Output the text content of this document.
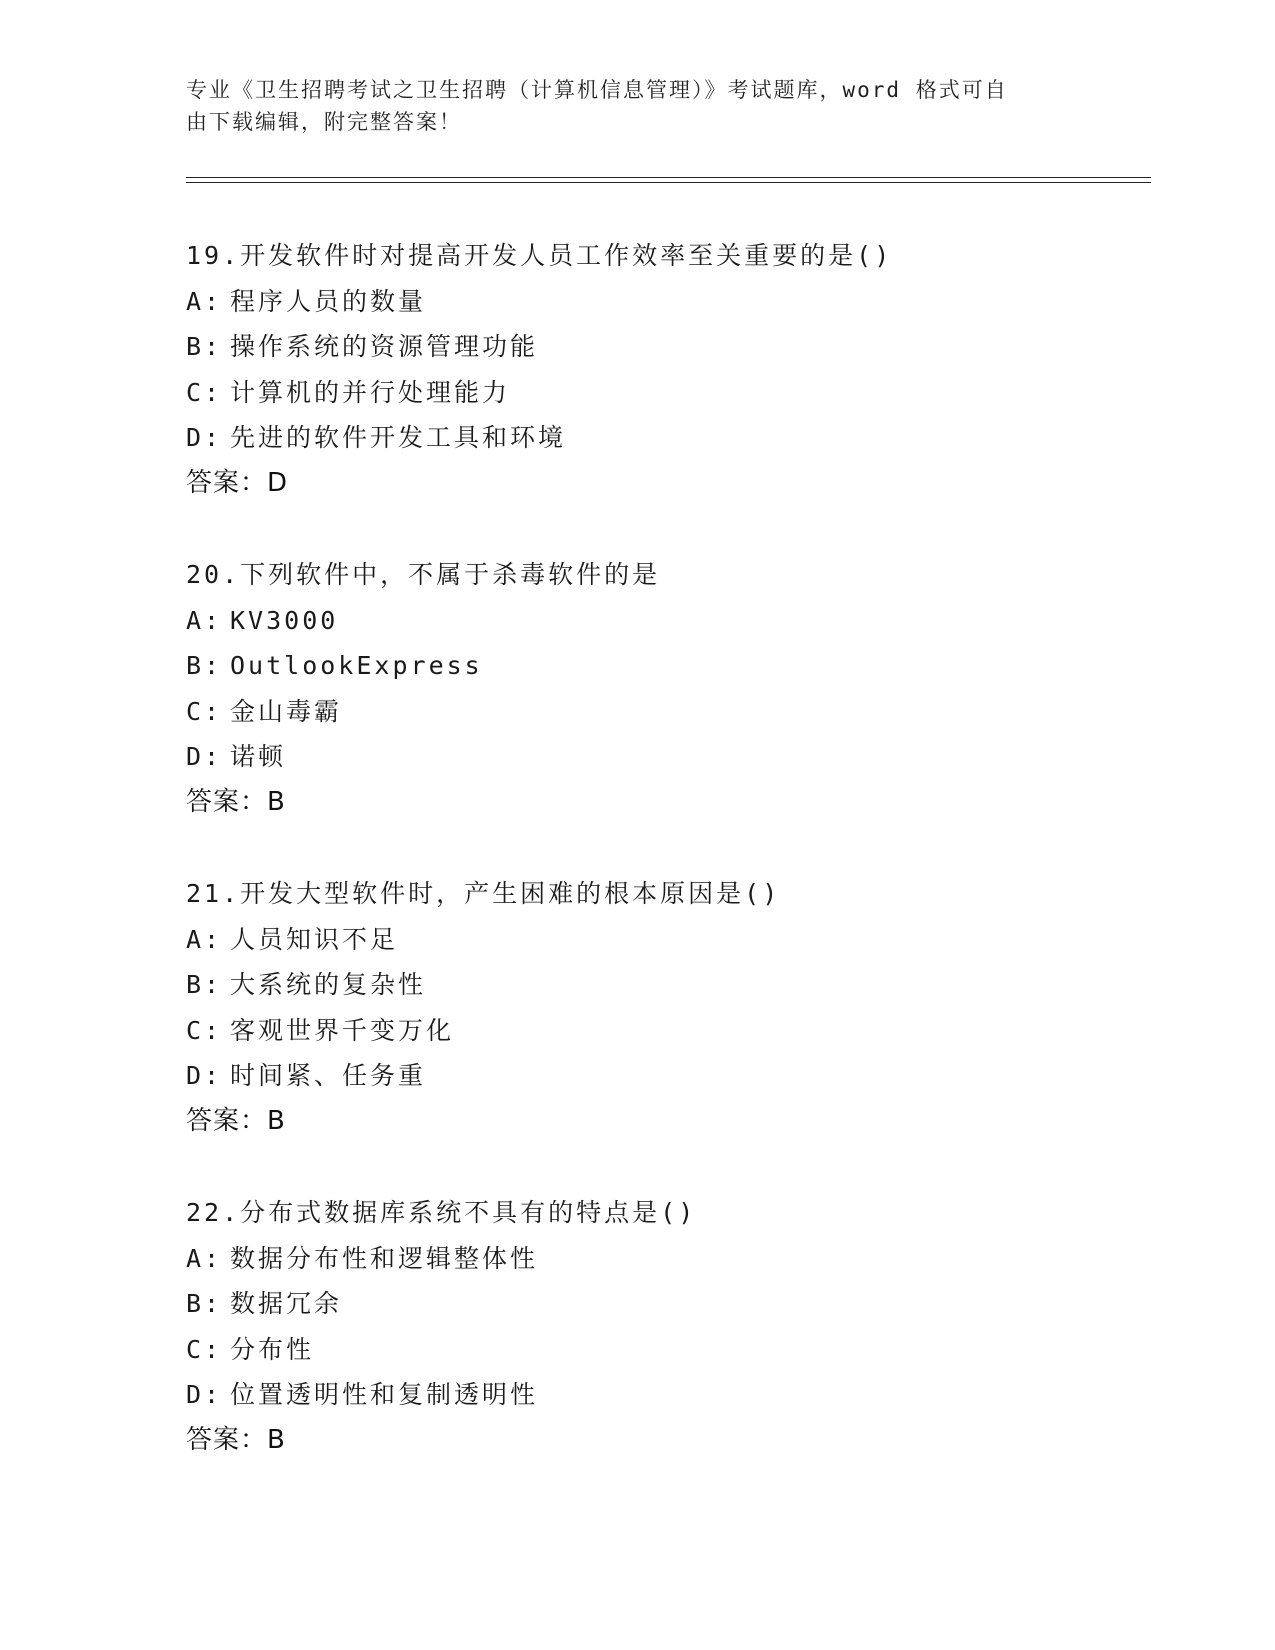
专业《卫生招聘考试之卫生招聘（计算机信息管理）》考试题库，word 格式可自
由下载编辑，附完整答案！
19.开发软件时对提高开发人员工作效率至关重要的是()
A: 程序人员的数量
B: 操作系统的资源管理功能
C: 计算机的并行处理能力
D: 先进的软件开发工具和环境
答案：D
20.下列软件中，不属于杀毒软件的是
A: KV3000
B: OutlookExpress
C: 金山毒霸
D: 诺顿
答案：B
21.开发大型软件时，产生困难的根本原因是()
A: 人员知识不足
B: 大系统的复杂性
C: 客观世界千变万化
D: 时间紧、任务重
答案：B
22.分布式数据库系统不具有的特点是()
A: 数据分布性和逻辑整体性
B: 数据冗余
C: 分布性
D: 位置透明性和复制透明性
答案：B
